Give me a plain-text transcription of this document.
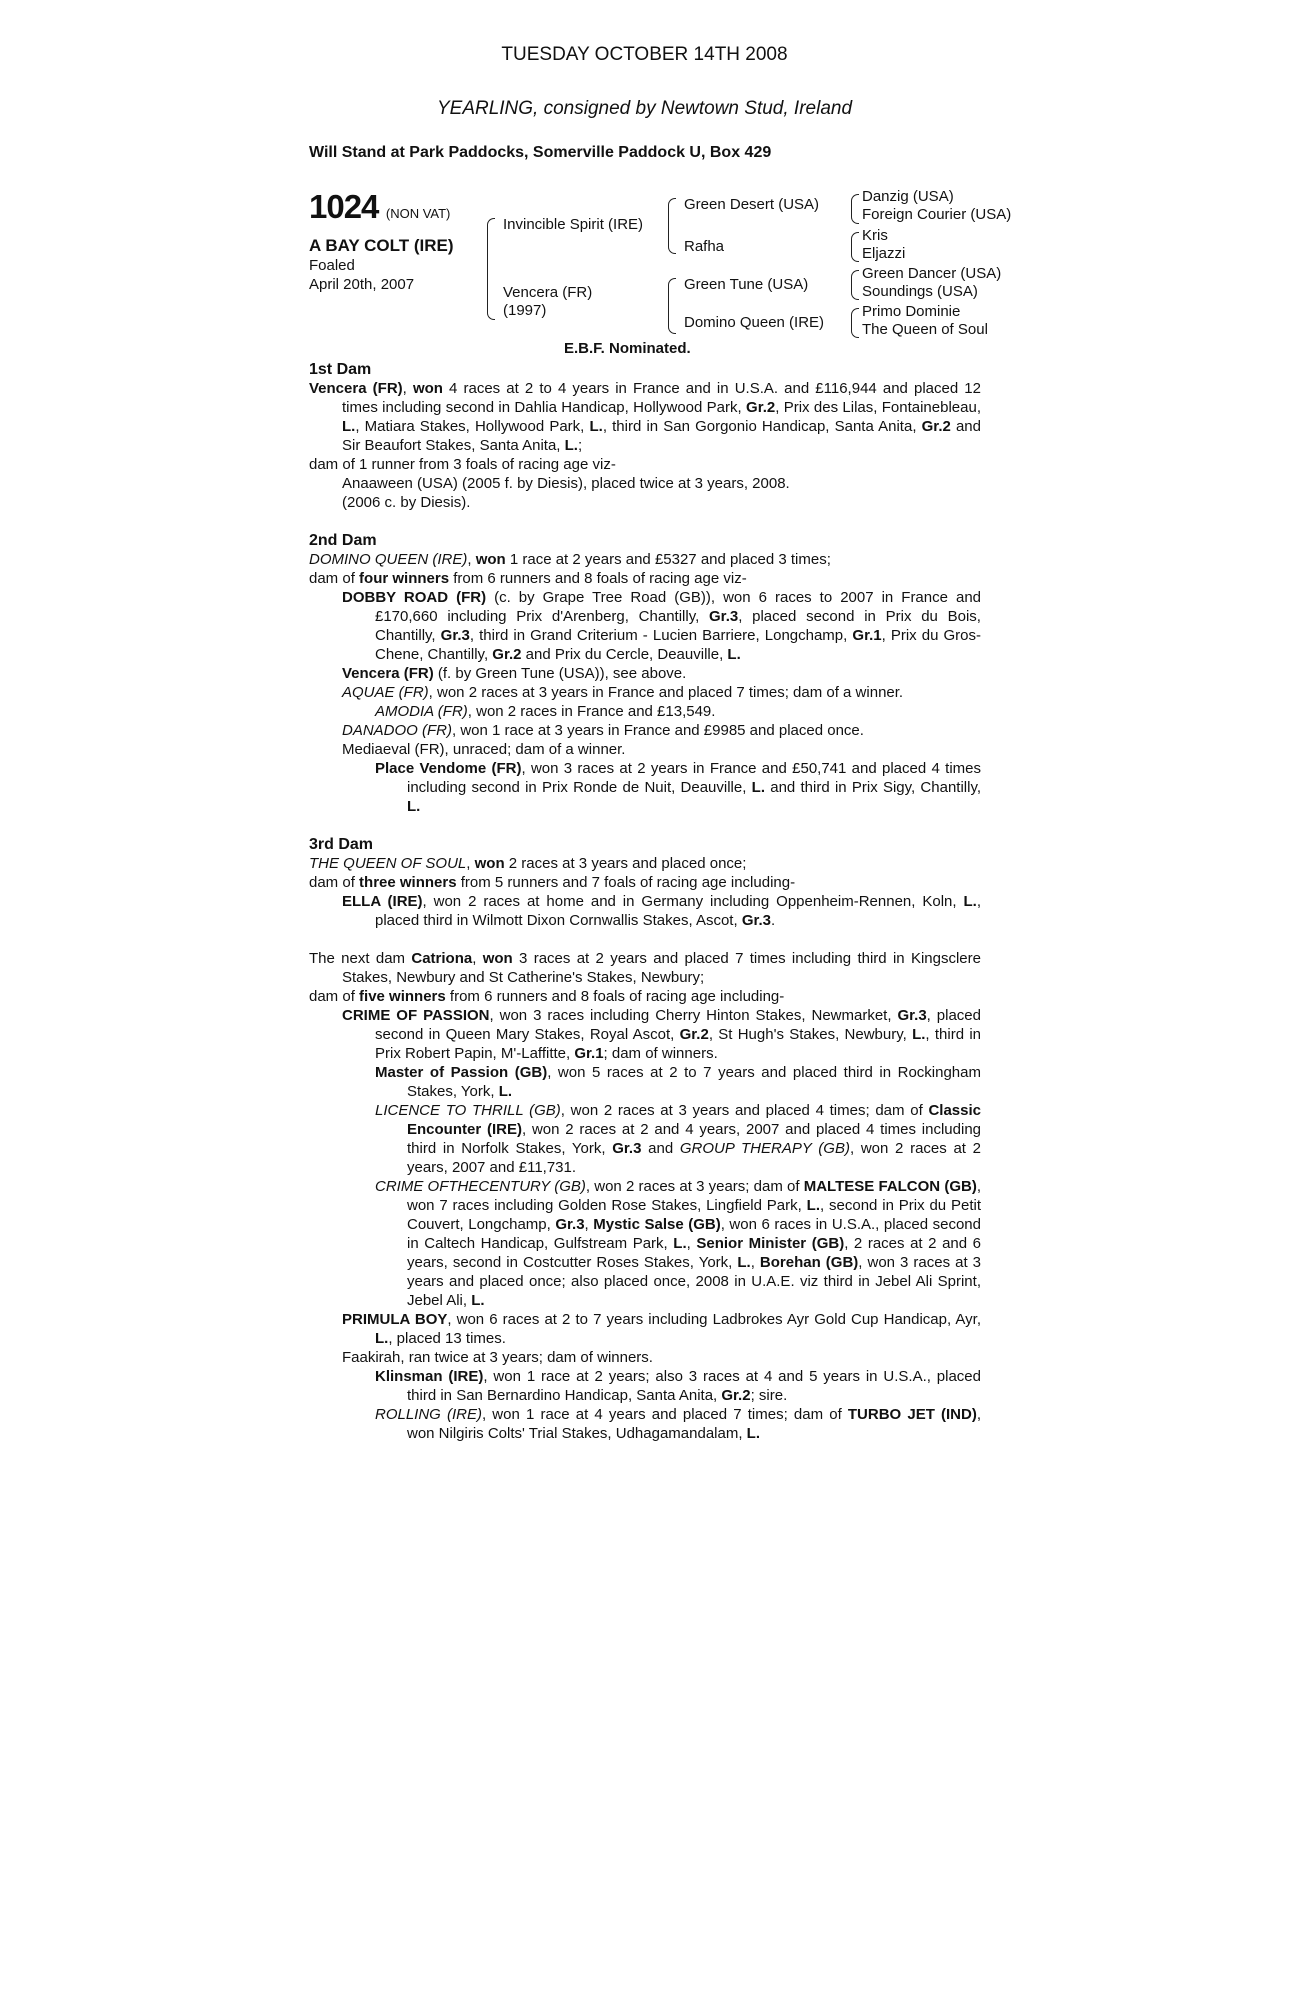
TUESDAY OCTOBER 14TH 2008
YEARLING, consigned by Newtown Stud, Ireland
Will Stand at Park Paddocks, Somerville Paddock U, Box 429
1024 (NON VAT)
A BAY COLT (IRE)
Foaled
April 20th, 2007
Invincible Spirit (IRE)
Vencera (FR)
(1997)
Green Desert (USA)
Rafha
Green Tune (USA)
Domino Queen (IRE)
Danzig (USA)
Foreign Courier (USA)
Kris
Eljazzi
Green Dancer (USA)
Soundings (USA)
Primo Dominie
The Queen of Soul
E.B.F. Nominated.
1st Dam

Vencera (FR), won 4 races at 2 to 4 years in France and in U.S.A. and £116,944 and placed 12 times including second in Dahlia Handicap, Hollywood Park, Gr.2, Prix des Lilas, Fontainebleau, L., Matiara Stakes, Hollywood Park, L., third in San Gorgonio Handicap, Santa Anita, Gr.2 and Sir Beaufort Stakes, Santa Anita, L.;

dam of 1 runner from 3 foals of racing age viz-

Anaaween (USA) (2005 f. by Diesis), placed twice at 3 years, 2008.

(2006 c. by Diesis).

2nd Dam

DOMINO QUEEN (IRE), won 1 race at 2 years and £5327 and placed 3 times;

dam of four winners from 6 runners and 8 foals of racing age viz-

DOBBY ROAD (FR) (c. by Grape Tree Road (GB)), won 6 races to 2007 in France and £170,660 including Prix d'Arenberg, Chantilly, Gr.3, placed second in Prix du Bois, Chantilly, Gr.3, third in Grand Criterium - Lucien Barriere, Longchamp, Gr.1, Prix du Gros-Chene, Chantilly, Gr.2 and Prix du Cercle, Deauville, L.

Vencera (FR) (f. by Green Tune (USA)), see above.

AQUAE (FR), won 2 races at 3 years in France and placed 7 times; dam of a winner.

AMODIA (FR), won 2 races in France and £13,549.

DANADOO (FR), won 1 race at 3 years in France and £9985 and placed once.

Mediaeval (FR), unraced; dam of a winner.

Place Vendome (FR), won 3 races at 2 years in France and £50,741 and placed 4 times including second in Prix Ronde de Nuit, Deauville, L. and third in Prix Sigy, Chantilly, L.

3rd Dam

THE QUEEN OF SOUL, won 2 races at 3 years and placed once;

dam of three winners from 5 runners and 7 foals of racing age including-

ELLA (IRE), won 2 races at home and in Germany including Oppenheim-Rennen, Koln, L., placed third in Wilmott Dixon Cornwallis Stakes, Ascot, Gr.3.

The next dam Catriona, won 3 races at 2 years and placed 7 times including third in Kingsclere Stakes, Newbury and St Catherine's Stakes, Newbury;

dam of five winners from 6 runners and 8 foals of racing age including-

CRIME OF PASSION, won 3 races including Cherry Hinton Stakes, Newmarket, Gr.3, placed second in Queen Mary Stakes, Royal Ascot, Gr.2, St Hugh's Stakes, Newbury, L., third in Prix Robert Papin, M'-Laffitte, Gr.1; dam of winners.

Master of Passion (GB), won 5 races at 2 to 7 years and placed third in Rockingham Stakes, York, L.

LICENCE TO THRILL (GB), won 2 races at 3 years and placed 4 times; dam of Classic Encounter (IRE), won 2 races at 2 and 4 years, 2007 and placed 4 times including third in Norfolk Stakes, York, Gr.3 and GROUP THERAPY (GB), won 2 races at 2 years, 2007 and £11,731.

CRIME OFTHECENTURY (GB), won 2 races at 3 years; dam of MALTESE FALCON (GB), won 7 races including Golden Rose Stakes, Lingfield Park, L., second in Prix du Petit Couvert, Longchamp, Gr.3, Mystic Salse (GB), won 6 races in U.S.A., placed second in Caltech Handicap, Gulfstream Park, L., Senior Minister (GB), 2 races at 2 and 6 years, second in Costcutter Roses Stakes, York, L., Borehan (GB), won 3 races at 3 years and placed once; also placed once, 2008 in U.A.E. viz third in Jebel Ali Sprint, Jebel Ali, L.

PRIMULA BOY, won 6 races at 2 to 7 years including Ladbrokes Ayr Gold Cup Handicap, Ayr, L., placed 13 times.

Faakirah, ran twice at 3 years; dam of winners.

Klinsman (IRE), won 1 race at 2 years; also 3 races at 4 and 5 years in U.S.A., placed third in San Bernardino Handicap, Santa Anita, Gr.2; sire.

ROLLING (IRE), won 1 race at 4 years and placed 7 times; dam of TURBO JET (IND), won Nilgiris Colts' Trial Stakes, Udhagamandalam, L.
